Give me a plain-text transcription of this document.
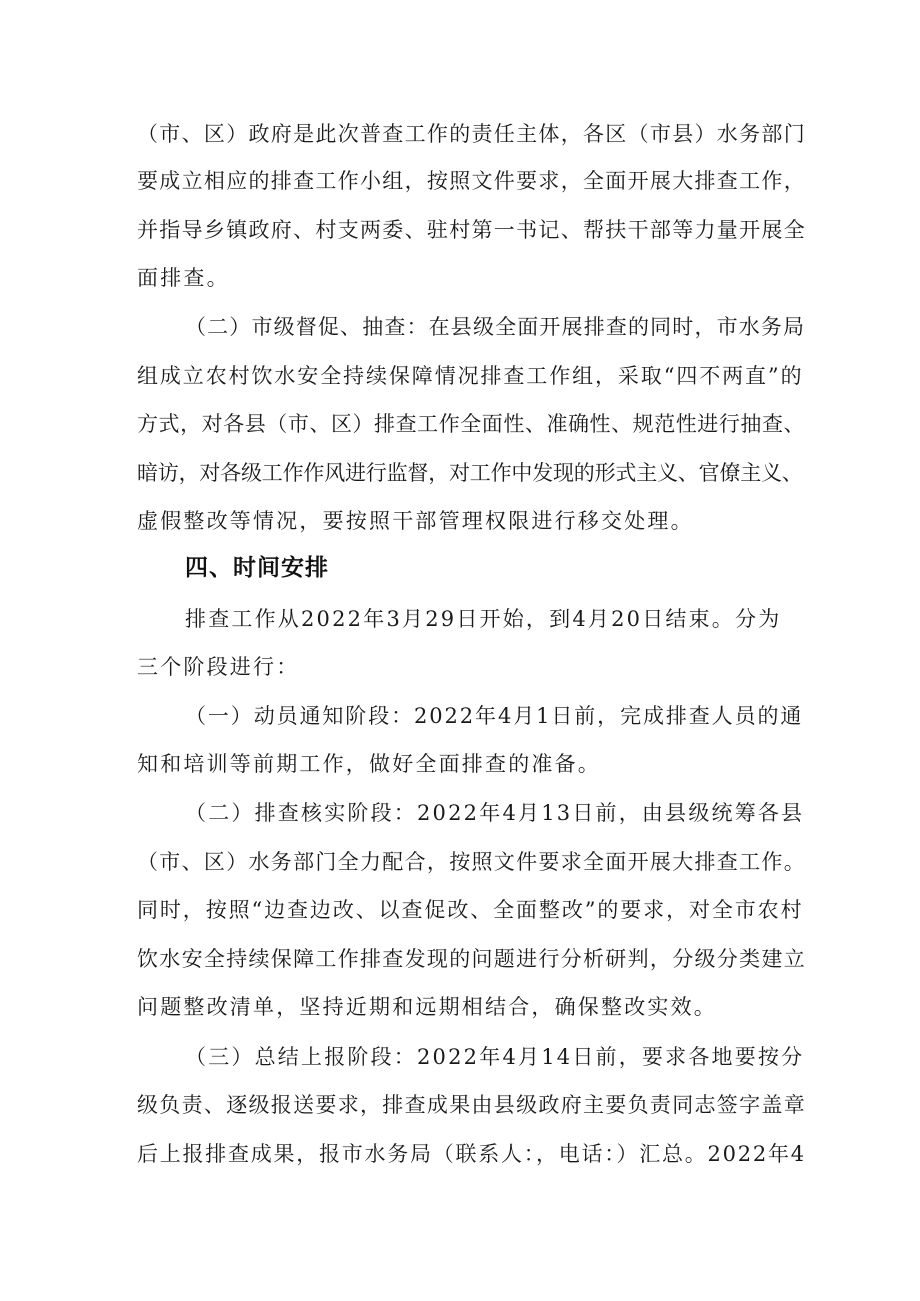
（市、区）政府是此次普查工作的责任主体，各区（市县）水务部门
要成立相应的排查工作小组，按照文件要求，全面开展大排查工作，
并指导乡镇政府、村支两委、驻村第一书记、帮扶干部等力量开展全
面排查。
（二）市级督促、抽查：在县级全面开展排查的同时，市水务局
组成立农村饮水安全持续保障情况排查工作组，采取“四不两直”的
方式，对各县（市、区）排查工作全面性、准确性、规范性进行抽查、
暗访，对各级工作作风进行监督，对工作中发现的形式主义、官僚主义、
虚假整改等情况，要按照干部管理权限进行移交处理。
四、时间安排
排查工作从2022年3月29日开始，到4月20日结束。分为
三个阶段进行：
（一）动员通知阶段：2022年4月1日前，完成排查人员的通
知和培训等前期工作，做好全面排查的准备。
（二）排查核实阶段：2022年4月13日前，由县级统筹各县
（市、区）水务部门全力配合，按照文件要求全面开展大排查工作。
同时，按照“边查边改、以查促改、全面整改”的要求，对全市农村
饮水安全持续保障工作排查发现的问题进行分析研判，分级分类建立
问题整改清单，坚持近期和远期相结合，确保整改实效。
（三）总结上报阶段：2022年4月14日前，要求各地要按分
级负责、逐级报送要求，排查成果由县级政府主要负责同志签字盖章
后上报排查成果，报市水务局（联系人：，电话：）汇总。2022年4
